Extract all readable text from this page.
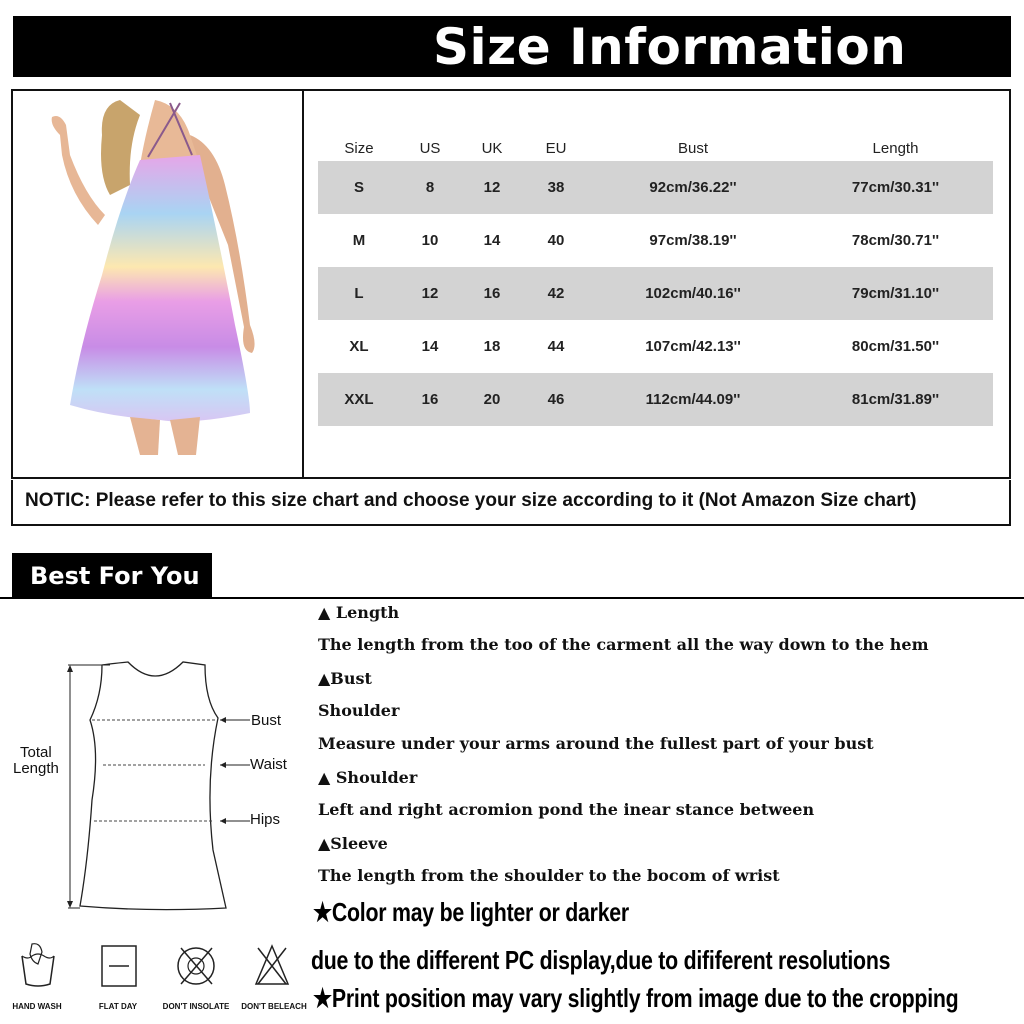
Size Information
Size	US	UK	EU	Bust	Length
S	8	12	38	92cm/36.22''	77cm/30.31''
M	10	14	40	97cm/38.19''	78cm/30.71''
L	12	16	42	102cm/40.16''	79cm/31.10''
XL	14	18	44	107cm/42.13''	80cm/31.50''
XXL	16	20	46	112cm/44.09''	81cm/31.89''
NOTIC: Please refer to this size chart and choose your size according to it (Not Amazon Size chart)
Best For You
Total
Length
Bust
Waist
Hips
▲ Length
The length from the too of the carment all the way down to the hem
▲Bust
Shoulder
Measure under your arms around the fullest part of your bust
▲ Shoulder
Left and right acromion pond the inear stance between
▲Sleeve
The length from the shoulder to the bocom of wrist
★Color may be lighter or darker
due to the different PC display,due to dififerent resolutions
★Print position may vary slightly from image due to the cropping
HAND WASH	FLAT DAY	DON'T INSOLATE	DON'T BELEACH
